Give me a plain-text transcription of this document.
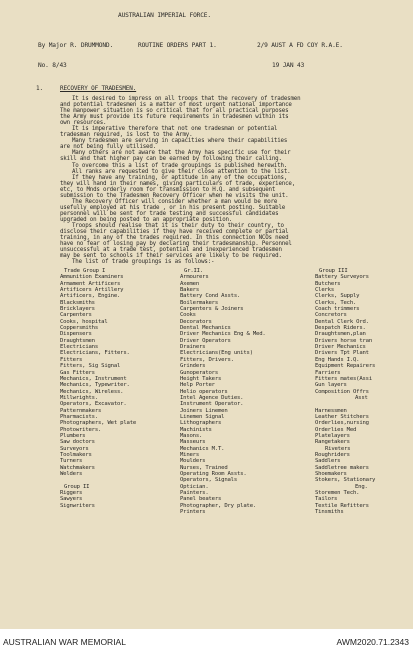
AUSTRALIAN IMPERIAL FORCE.
By Major R. DRUMMOND.	ROUTINE ORDERS PART 1.	2/9 AUST A FD COY R.A.E.
No. 8/43	19 JAN 43
1.	RECOVERY OF TRADESMEN.
It is desired to impress on all troops that the recovery of tradesmen
and potential tradesmen is a matter of most urgent national importance
The manpower situation is so critical that for all practical purposes
the Army must provide its future requirements in tradesmen within its
own resources.
It is imperative therefore that not one tradesman or potential
tradesman required, is lost to the Army.
Many tradesmen are serving in capacities where their capabilities
are not being fully utilised.
Many others are not aware that the Army has specific use for their
skill and that higher pay can be earned by following their calling.
To overcome this a list of trade groupings is published herewith.
All ranks are requested to give their close attention to the list.
If they have any training, or aptitude in any of the occupations,
they will hand in their names, giving particulars of trade, experience,
etc, to Mnds orderly room for transmission to H.Q. and subsequent
submission to the Tradesmen Recovery Officer when he visits the unit.
The Recovery Officer will consider whether a man would be more
usefully employed at his trade , or in his present posting. Suitable
personnel will be sent for trade testing and successful candidates
upgraded on being posted to an appropriate position.
Troops should realise that it is their duty to their country, to
disclose their capabilities if they have received complete or partial
training, in any of the trades required. In this connection NCOs need
have no fear of losing pay by declaring their tradesmanship. Personnel
unsuccessful at a trade test, potential and inexperienced tradesmen
may be sent to schools if their services are likely to be required.
The list of trade groupings is as follows:-
Trade Group I
Ammunition Examiners
Armament Artificers
Artificers Artillery
Artificers, Engine.
Blacksmiths
Bricklayers
Carpenters
Cooks, hospital
Coppersmiths
Dispensers
Draughtsmen
Electricians
Electricians, Fitters.
Fitters
Fitters, Sig Signal
Gas Fitters
Mechanics, Instrument
Mechanics, Typewriter.
Mechanics, Wireless.
Millwrights.
Operators, Excavator.
Patternmakers
Pharmacists.
Photographers, Wet plate
Photowriters.
Plumbers
Saw doctors
Surveyors
Toolmakers
Turners
Watchmakers
Welders

Group II
Riggers
Sawyers
Signwriters
Gr.II.
Armourers
Axemen
Bakers
Battery Cond Assts.
Boilermakers
Carpenters & Joiners
Cooks
Decorators
Dental Mechanics
Driver Mechanics Eng & Med.
Driver Operators
Drainers
Electricians(Eng units)
Fitters, Drivers.
Grinders
Gunoperators
Height Takers
Help Porter
Helio operators
Intel Agence Duties.
Instrument Operator.
Joiners Linemen
Linemen Signal
Lithographers
Machinists
Masons.
Masseurs
Mechanics M.T.
Miners
Moulders
Nurses, Trained
Operating Room Assts.
Operators, Signals
Optician.
Painters.
Panel beaters
Photographer, Dry plate.
Printers
Group III
Battery Surveyors
Butchers
Clerks
Clerks, Supply
Clerks, Tech.
Coach trimmers
Concretors
Dental Clerk Ord.
Despatch Riders.
Draughtsmen,plan
Drivers horse tran
Driver Mechanics
Drivers Tpt Plant
Eng Hands I.Q.
Equipment Repairers
Farriers
Fitters mates(Assi
Gun layers
Composition Offrs
Asst

Harnessmen
Leather Stitchers
Orderlies,nursing
Orderlies Med
Platelayers
Rangetakers
Riveters
Roughriders
Saddlers
Saddletree makers
Shoemakers
Stokers, Stationary
Eng.
Storemen Tech.
Tailors
Textile Refitters
Tinsmiths
AUSTRALIAN WAR MEMORIAL	AWM2020.71.2343
